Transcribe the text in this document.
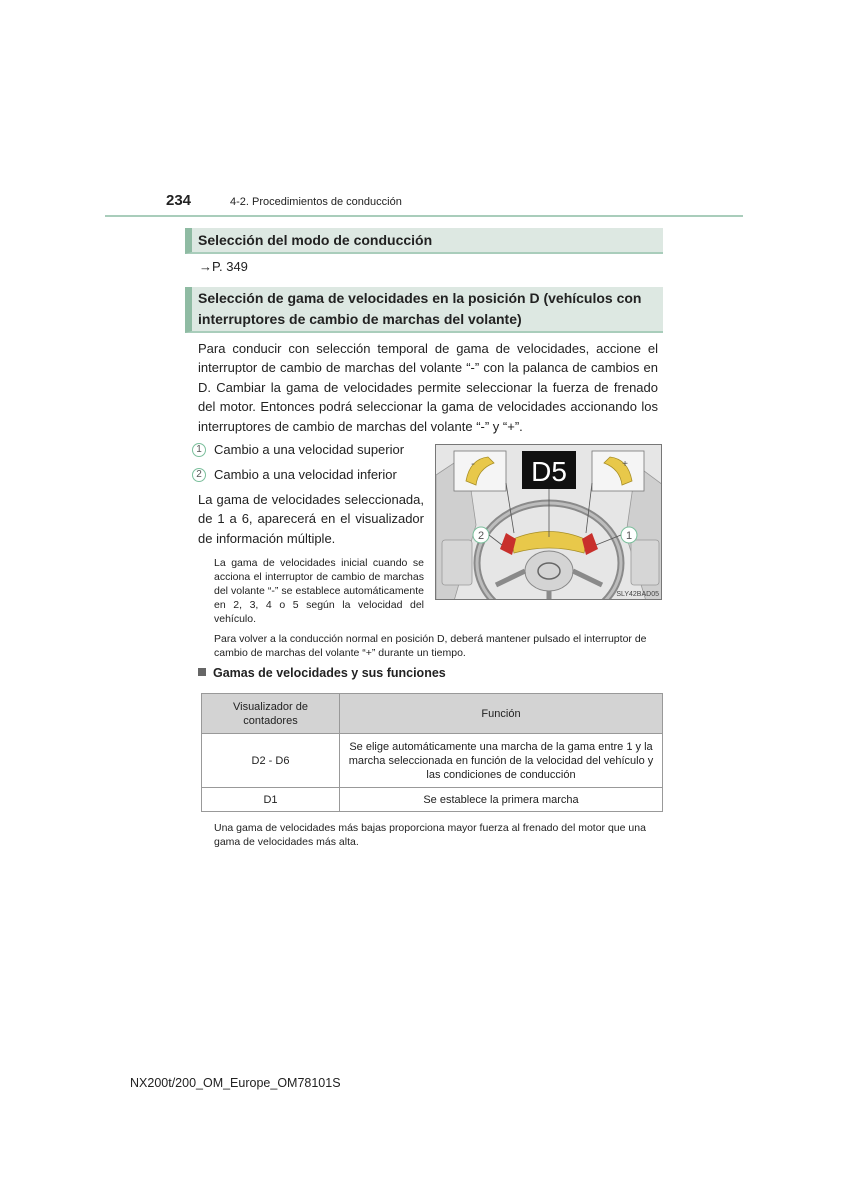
234	4-2. Procedimientos de conducción
Selección del modo de conducción
→P. 349
Selección de gama de velocidades en la posición D (vehículos con interruptores de cambio de marchas del volante)
Para conducir con selección temporal de gama de velocidades, accione el interruptor de cambio de marchas del volante “-” con la palanca de cambios en D. Cambiar la gama de velocidades permite seleccionar la fuerza de frenado del motor. Entonces podrá seleccionar la gama de velocidades accionando los interruptores de cambio de marchas del volante “-” y “+”.
1 Cambio a una velocidad superior
2 Cambio a una velocidad inferior
La gama de velocidades seleccionada, de 1 a 6, aparecerá en el visualizador de información múltiple.
La gama de velocidades inicial cuando se acciona el interruptor de cambio de marchas del volante “-” se establece automáticamente en 2, 3, 4 o 5 según la velocidad del vehículo.
2	1
D5
-	+
SLY42BAD05
Para volver a la conducción normal en posición D, deberá mantener pulsado el interruptor de cambio de marchas del volante “+” durante un tiempo.
Gamas de velocidades y sus funciones
Visualizador de contadores	Función
D2 - D6	Se elige automáticamente una marcha de la gama entre 1 y la marcha seleccionada en función de la velocidad del vehículo y las condiciones de conducción
D1	Se establece la primera marcha
Una gama de velocidades más bajas proporciona mayor fuerza al frenado del motor que una gama de velocidades más alta.
NX200t/200_OM_Europe_OM78101S
